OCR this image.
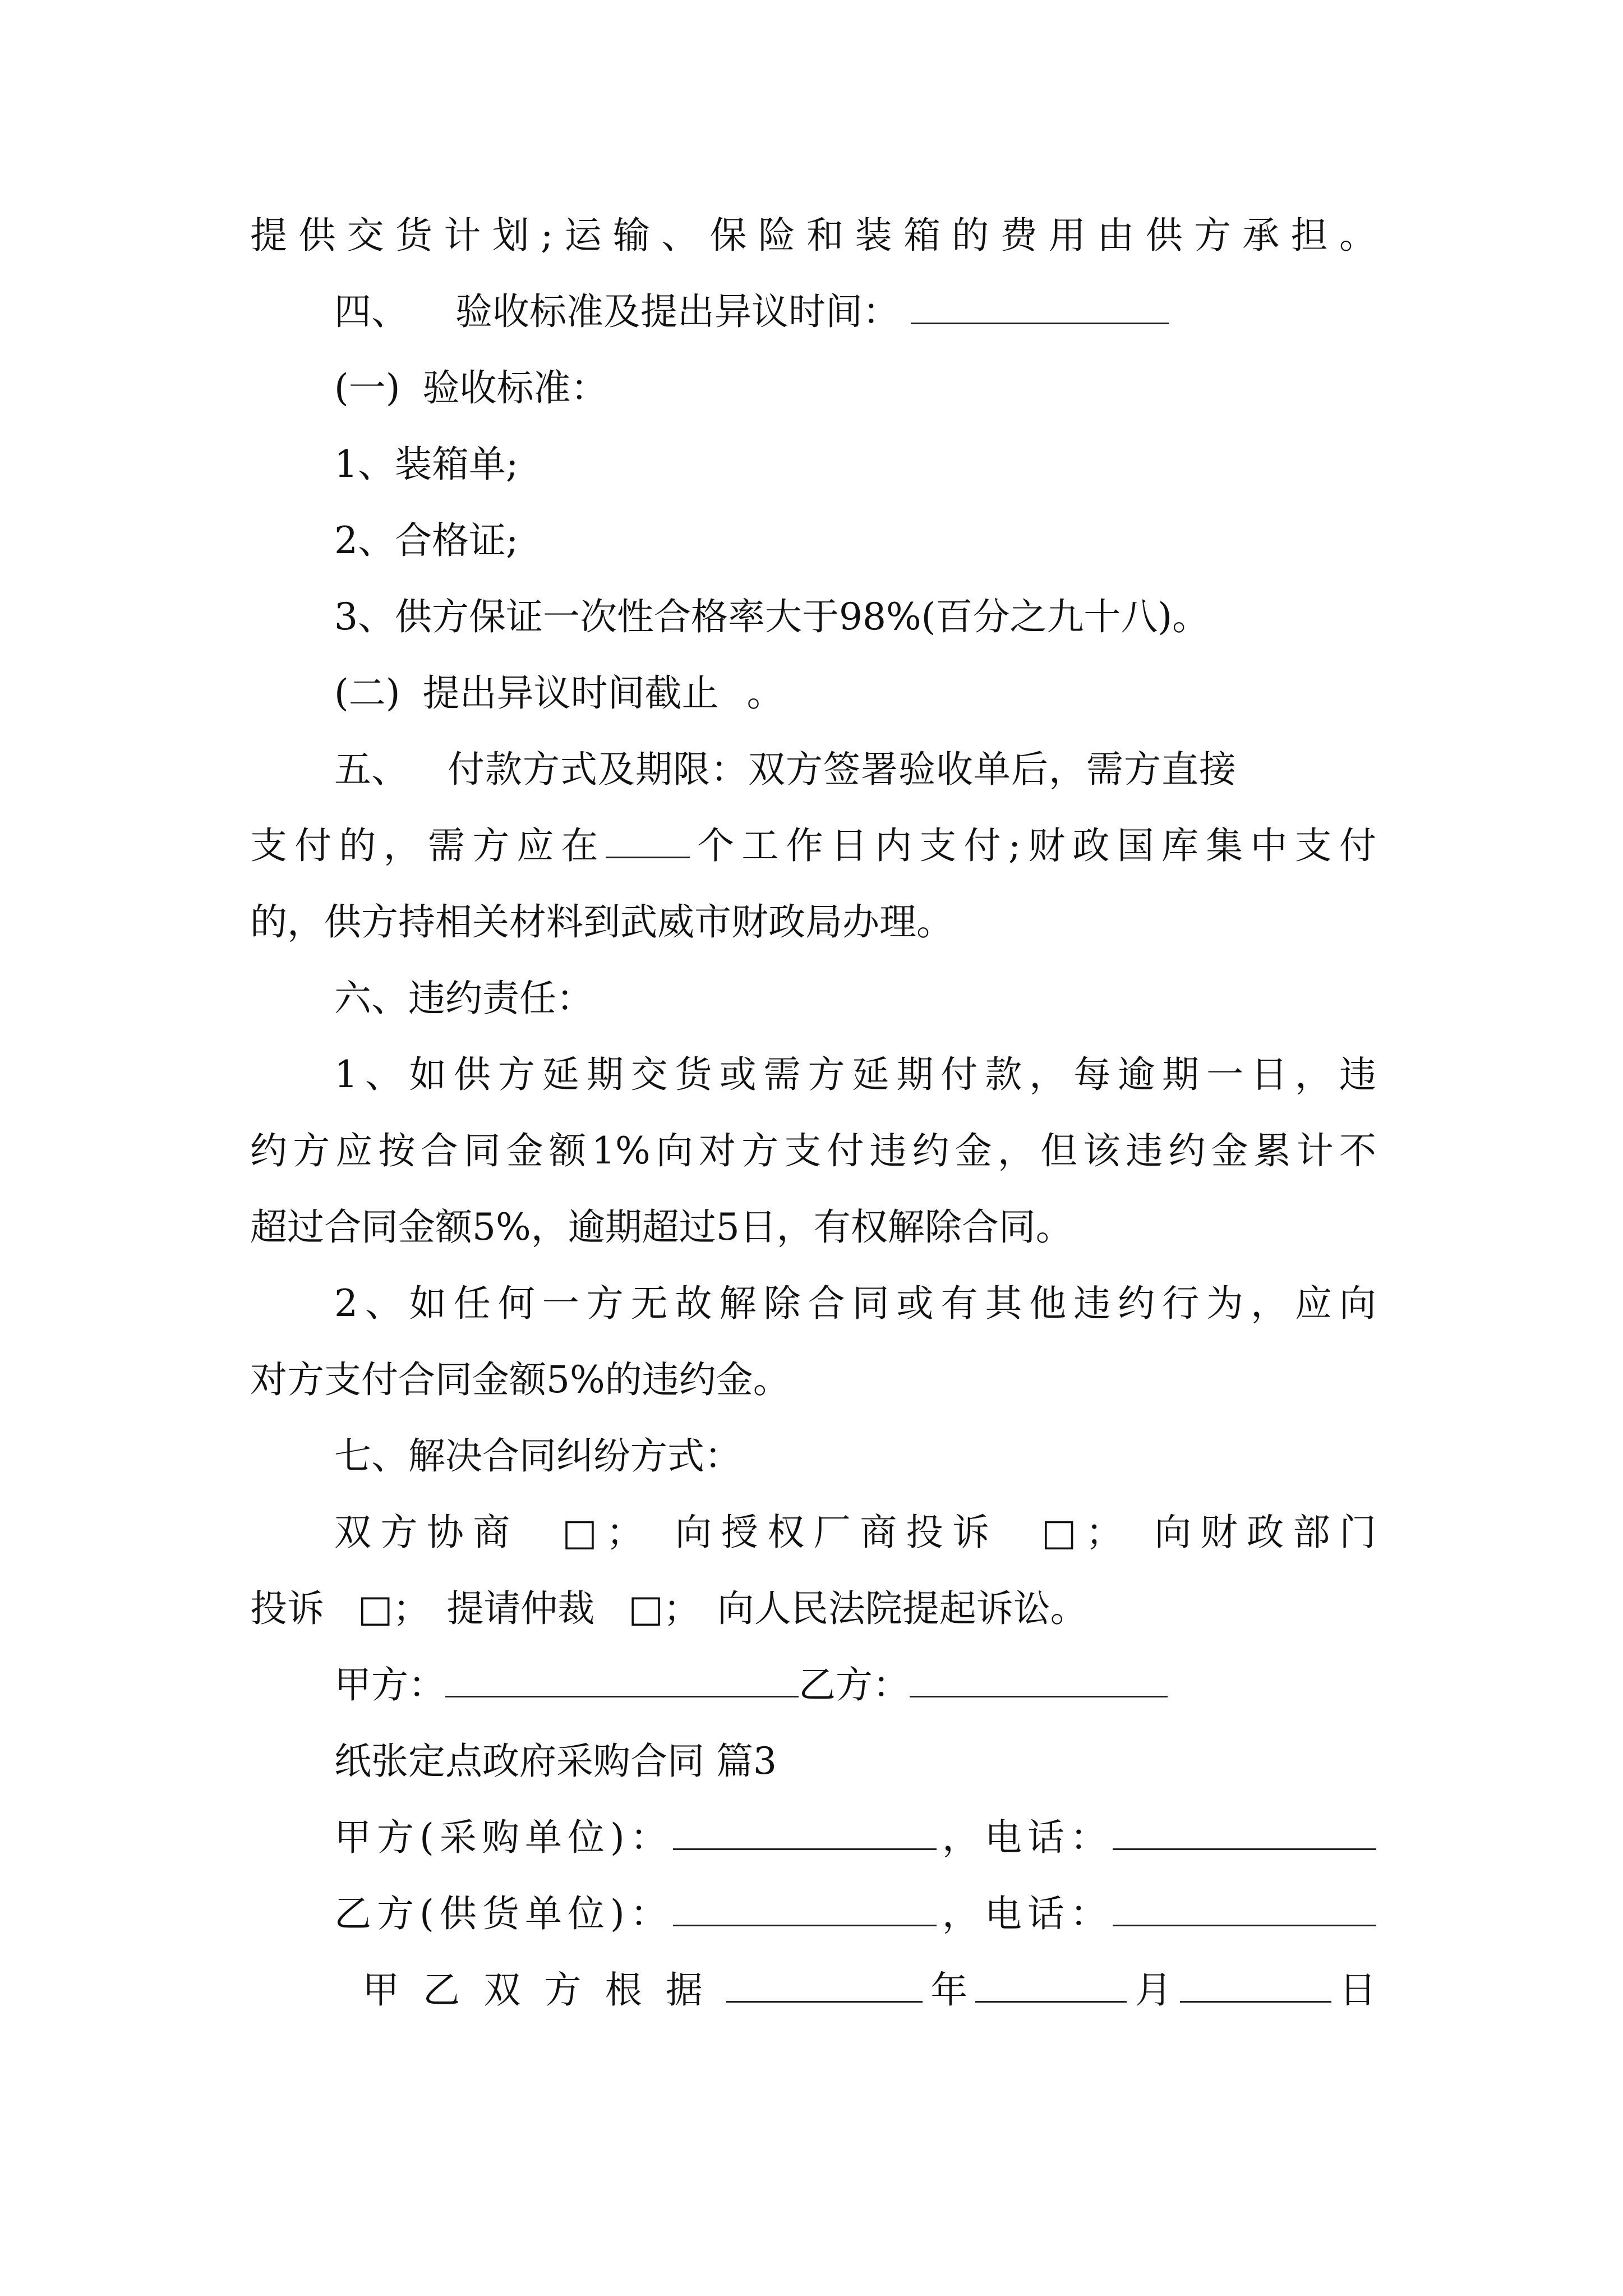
提供交货计划;运输、保险和装箱的费用由供方承担。
四、 验收标准及提出异议时间：
(一) 验收标准：
1、装箱单;
2、合格证;
3、供方保证一次性合格率大于98%(百分之九十八)。
(二) 提出异议时间截止 。
五、 付款方式及期限：双方签署验收单后，需方直接
支付的，需方应在 个工作日内支付;财政国库集中支付
的，供方持相关材料到武威市财政局办理。
六、违约责任：
1、如供方延期交货或需方延期付款，每逾期一日，违
约方应按合同金额1%向对方支付违约金，但该违约金累计不
超过合同金额5%，逾期超过5日，有权解除合同。
2、如任何一方无故解除合同或有其他违约行为，应向
对方支付合同金额5%的违约金。
七、解决合同纠纷方式：
双方协商 □； 向授权厂商投诉 □； 向财政部门
投诉 □； 提请仲裁 □； 向人民法院提起诉讼。
甲方：	乙方：
纸张定点政府采购合同 篇3
甲方(采购单位)：	，电话：
乙方(供货单位)：	，电话：
甲乙双方根据	年	月	日
